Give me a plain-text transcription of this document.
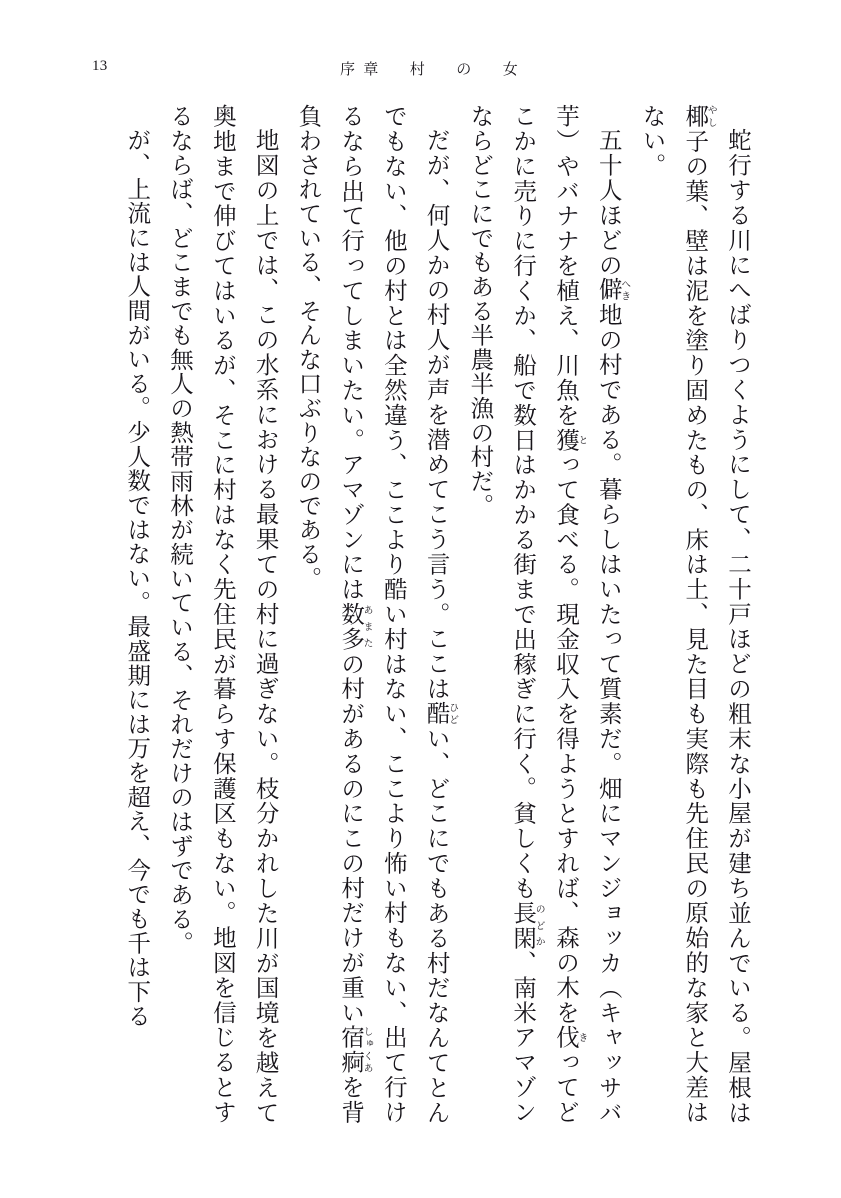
13	序章　村　の　女

蛇行する川にへばりつくようにして、二十戸ほどの粗末な小屋が建ち並んでいる。屋根は椰やし子の葉、壁は泥を塗り固めたもの、床は土、見た目も実際も先住民の原始的な家と大差はない。

五十人ほどの僻へき地の村である。暮らしはいたって質素だ。畑にマンジョッカ（キャッサバ芋）やバナナを植え、川魚を獲とって食べる。現金収入を得ようとすれば、森の木を伐きってどこかに売りに行くか、船で数日はかかる街まで出稼ぎに行く。貧しくも長閑のどか、南米アマゾンならどこにでもある半農半漁の村だ。

だが、何人かの村人が声を潜めてこう言う。ここは酷ひどい、どこにでもある村だなんてとんでもない、他の村とは全然違う、ここより酷い村はない、ここより怖い村もない、出て行けるなら出て行ってしまいたい。アマゾンには数多あまたの村があるのにこの村だけが重い宿痾しゅくあを背負わされている、そんな口ぶりなのである。

地図の上では、この水系における最果ての村に過ぎない。枝分かれした川が国境を越えて奥地まで伸びてはいるが、そこに村はなく先住民が暮らす保護区もない。地図を信じるとするならば、どこまでも無人の熱帯雨林が続いている、それだけのはずである。

が、上流には人間がいる。少人数ではない。最盛期には万を超え、今でも千は下る
